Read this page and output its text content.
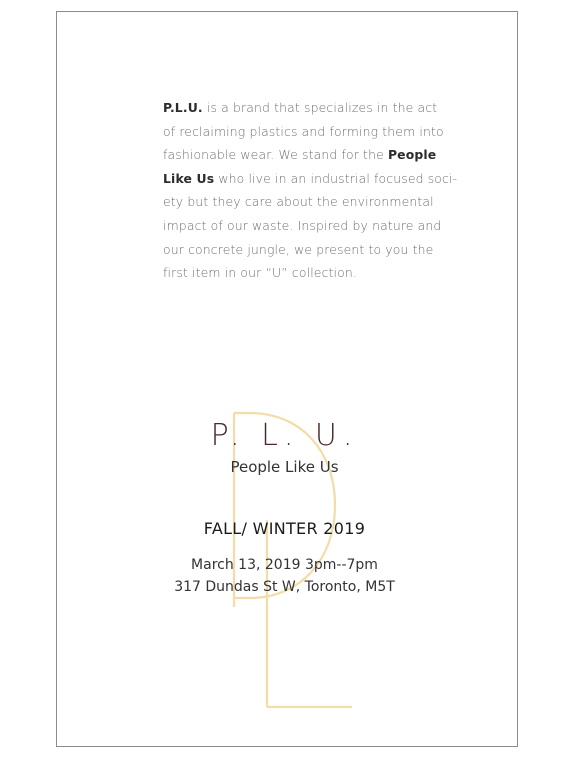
P.L.U. is a brand that specializes in the act
of reclaiming plastics and forming them into
fashionable wear. We stand for the People
Like Us who live in an industrial focused soci-
ety but they care about the environmental
impact of our waste. Inspired by nature and
our concrete jungle, we present to you the
first item in our “U” collection.
P. L. U.
People Like Us
FALL/ WINTER 2019
March 13, 2019 3pm--7pm
317 Dundas St W, Toronto, M5T
